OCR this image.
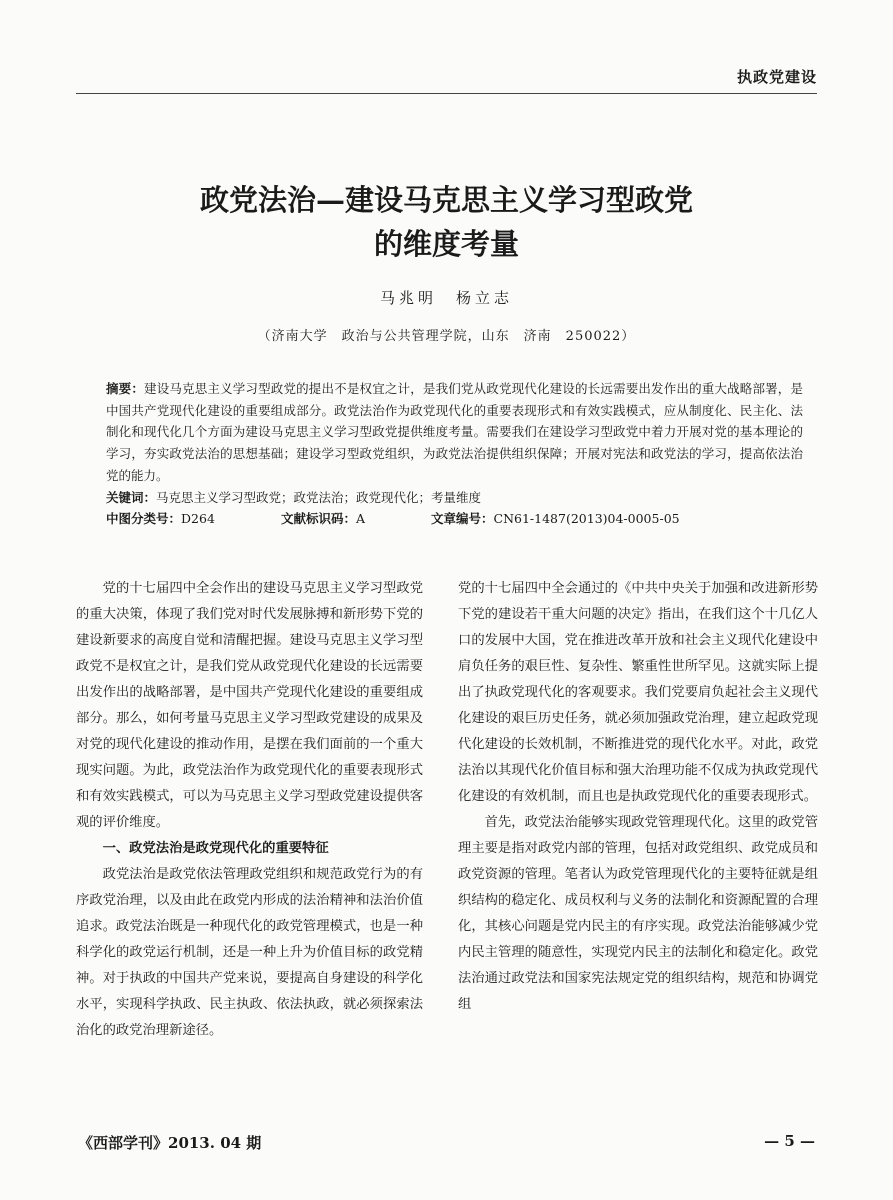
执政党建设
政党法治—建设马克思主义学习型政党
的维度考量
马兆明　杨立志
（济南大学　政治与公共管理学院，山东　济南　250022）

摘要：建设马克思主义学习型政党的提出不是权宜之计，是我们党从政党现代化建设的长远需要出发作出的重大战略部署，是中国共产党现代化建设的重要组成部分。政党法治作为政党现代化的重要表现形式和有效实践模式，应从制度化、民主化、法制化和现代化几个方面为建设马克思主义学习型政党提供维度考量。需要我们在建设学习型政党中着力开展对党的基本理论的学习，夯实政党法治的思想基础；建设学习型政党组织，为政党法治提供组织保障；开展对宪法和政党法的学习，提高依法治党的能力。

关键词：马克思主义学习型政党；政党法治；政党现代化；考量维度

中图分类号：D264	文献标识码：A	文章编号：CN61-1487(2013)04-0005-05

党的十七届四中全会作出的建设马克思主义学习型政党的重大决策，体现了我们党对时代发展脉搏和新形势下党的建设新要求的高度自觉和清醒把握。建设马克思主义学习型政党不是权宜之计，是我们党从政党现代化建设的长远需要出发作出的战略部署，是中国共产党现代化建设的重要组成部分。那么，如何考量马克思主义学习型政党建设的成果及对党的现代化建设的推动作用，是摆在我们面前的一个重大现实问题。为此，政党法治作为政党现代化的重要表现形式和有效实践模式，可以为马克思主义学习型政党建设提供客观的评价维度。

一、政党法治是政党现代化的重要特征

政党法治是政党依法管理政党组织和规范政党行为的有序政党治理，以及由此在政党内形成的法治精神和法治价值追求。政党法治既是一种现代化的政党管理模式，也是一种科学化的政党运行机制，还是一种上升为价值目标的政党精神。对于执政的中国共产党来说，要提高自身建设的科学化水平，实现科学执政、民主执政、依法执政，就必须探索法治化的政党治理新途径。

党的十七届四中全会通过的《中共中央关于加强和改进新形势下党的建设若干重大问题的决定》指出，在我们这个十几亿人口的发展中大国，党在推进改革开放和社会主义现代化建设中肩负任务的艰巨性、复杂性、繁重性世所罕见。这就实际上提出了执政党现代化的客观要求。我们党要肩负起社会主义现代化建设的艰巨历史任务，就必须加强政党治理，建立起政党现代化建设的长效机制，不断推进党的现代化水平。对此，政党法治以其现代化价值目标和强大治理功能不仅成为执政党现代化建设的有效机制，而且也是执政党现代化的重要表现形式。

首先，政党法治能够实现政党管理现代化。这里的政党管理主要是指对政党内部的管理，包括对政党组织、政党成员和政党资源的管理。笔者认为政党管理现代化的主要特征就是组织结构的稳定化、成员权利与义务的法制化和资源配置的合理化，其核心问题是党内民主的有序实现。政党法治能够减少党内民主管理的随意性，实现党内民主的法制化和稳定化。政党法治通过政党法和国家宪法规定党的组织结构，规范和协调党组

《西部学刊》2013. 04 期	— 5 —
